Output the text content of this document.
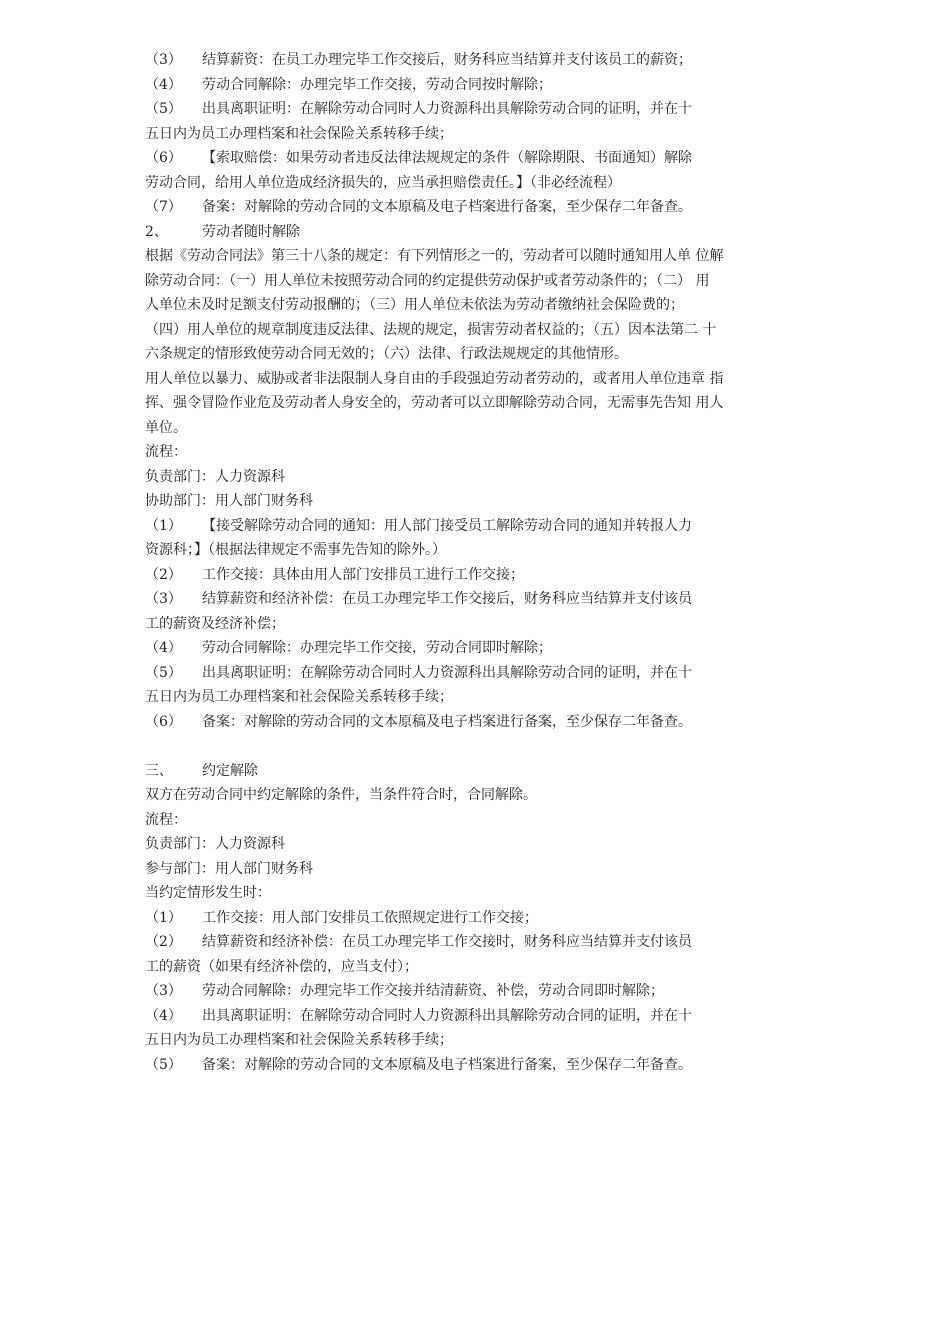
（3） 结算薪资：在员工办理完毕工作交接后，财务科应当结算并支付该员工的薪资；
（4） 劳动合同解除：办理完毕工作交接，劳动合同按时解除；
（5） 出具离职证明：在解除劳动合同时人力资源科出具解除劳动合同的证明，并在十
五日内为员工办理档案和社会保险关系转移手续；
（6） 【索取赔偿：如果劳动者违反法律法规规定的条件（解除期限、书面通知）解除
劳动合同，给用人单位造成经济损失的，应当承担赔偿责任。】（非必经流程）
（7） 备案：对解除的劳动合同的文本原稿及电子档案进行备案，至少保存二年备查。
2、 劳动者随时解除
根据《劳动合同法》第三十八条的规定：有下列情形之一的，劳动者可以随时通知用人单 位解
除劳动合同：（一）用人单位未按照劳动合同的约定提供劳动保护或者劳动条件的；（二） 用
人单位未及时足额支付劳动报酬的；（三）用人单位未依法为劳动者缴纳社会保险费的；
（四）用人单位的规章制度违反法律、法规的规定，损害劳动者权益的；（五）因本法第二 十
六条规定的情形致使劳动合同无效的；（六）法律、行政法规规定的其他情形。
用人单位以暴力、威胁或者非法限制人身自由的手段强迫劳动者劳动的，或者用人单位违章 指
挥、强令冒险作业危及劳动者人身安全的，劳动者可以立即解除劳动合同，无需事先告知 用人
单位。
流程：
负责部门：人力资源科
协助部门：用人部门财务科
（1） 【接受解除劳动合同的通知：用人部门接受员工解除劳动合同的通知并转报人力
资源科；】（根据法律规定不需事先告知的除外。）
（2） 工作交接：具体由用人部门安排员工进行工作交接；
（3） 结算薪资和经济补偿：在员工办理完毕工作交接后，财务科应当结算并支付该员
工的薪资及经济补偿；
（4） 劳动合同解除：办理完毕工作交接，劳动合同即时解除；
（5） 出具离职证明：在解除劳动合同时人力资源科出具解除劳动合同的证明，并在十
五日内为员工办理档案和社会保险关系转移手续；
（6） 备案：对解除的劳动合同的文本原稿及电子档案进行备案，至少保存二年备查。
三、 约定解除
双方在劳动合同中约定解除的条件，当条件符合时，合同解除。
流程：
负责部门：人力资源科
参与部门：用人部门财务科
当约定情形发生时：
（1） 工作交接：用人部门安排员工依照规定进行工作交接；
（2） 结算薪资和经济补偿：在员工办理完毕工作交接时，财务科应当结算并支付该员
工的薪资（如果有经济补偿的，应当支付）；
（3） 劳动合同解除：办理完毕工作交接并结清薪资、补偿，劳动合同即时解除；
（4） 出具离职证明：在解除劳动合同时人力资源科出具解除劳动合同的证明，并在十
五日内为员工办理档案和社会保险关系转移手续；
（5） 备案：对解除的劳动合同的文本原稿及电子档案进行备案，至少保存二年备查。
